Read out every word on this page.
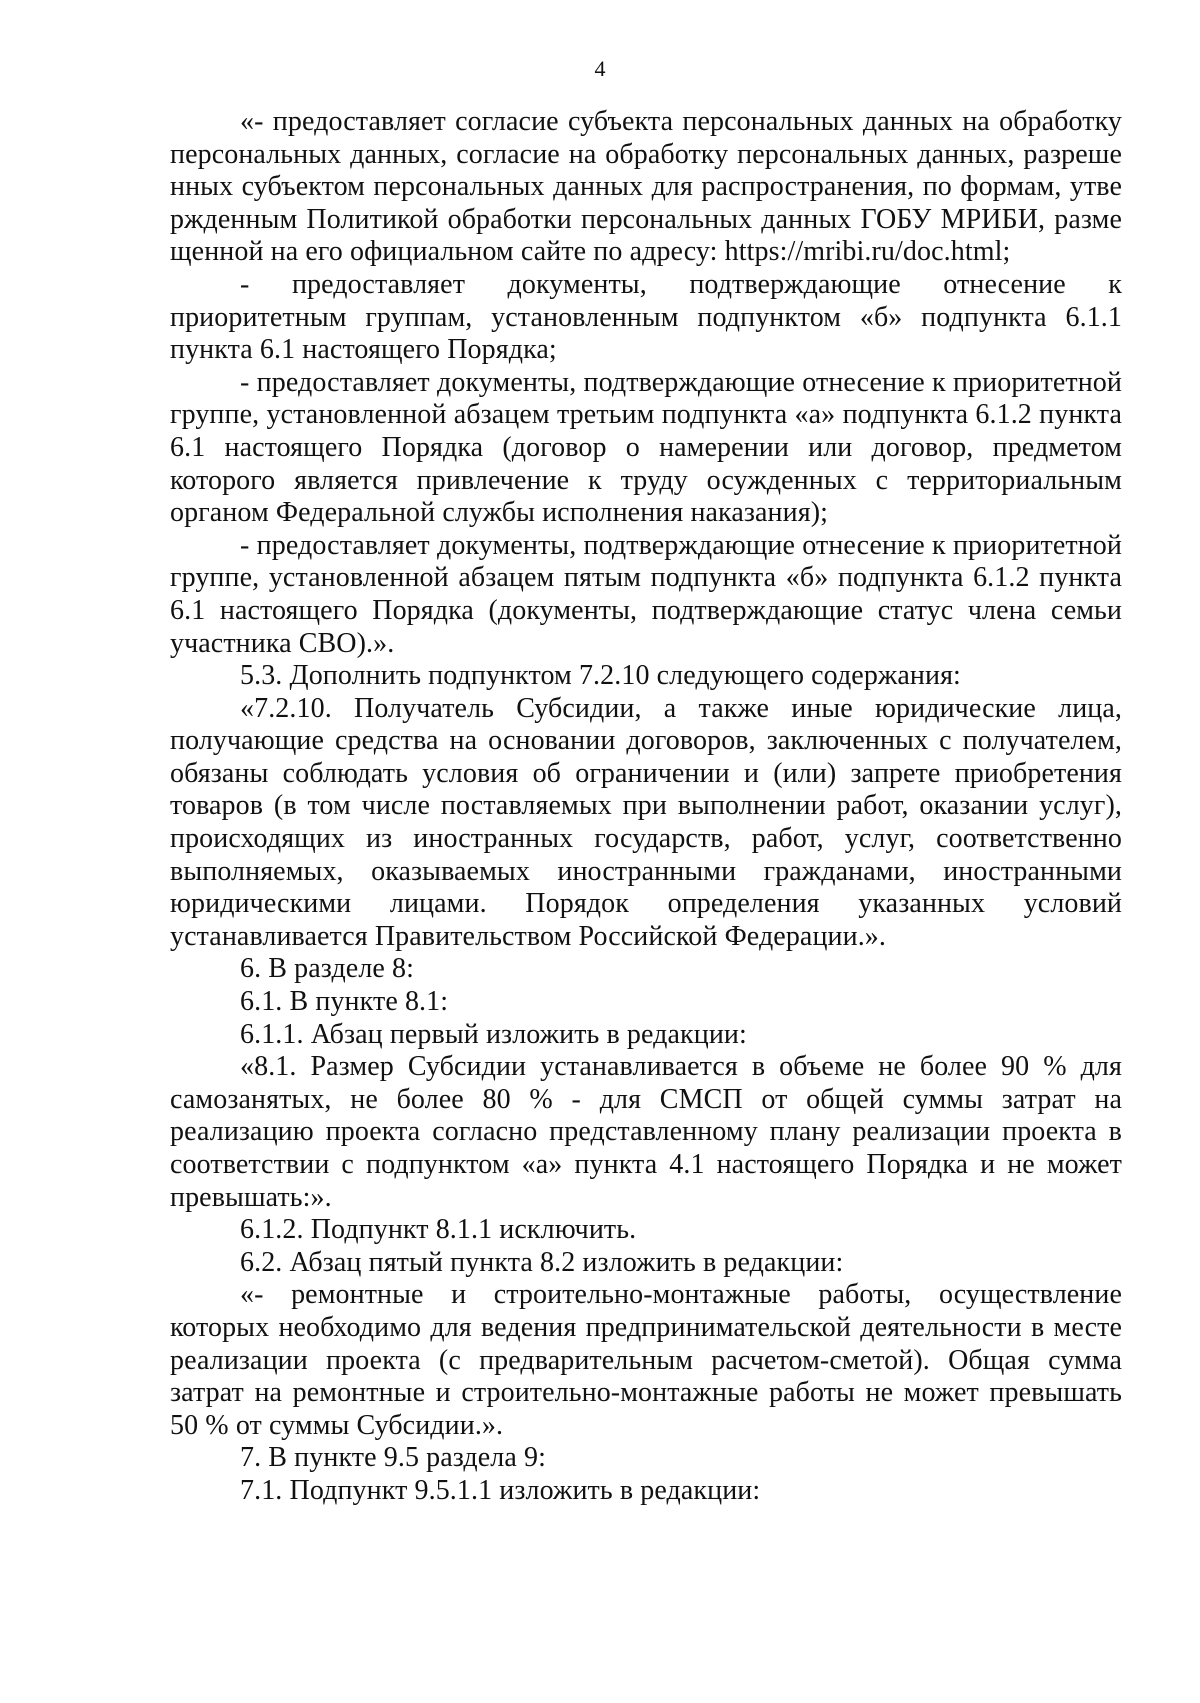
4

«- предоставляет согласие субъекта персональных данных на обработку персональных данных, согласие на обработку персональных данных, разрешенных субъектом персональных данных для распространения, по формам, утвержденным Политикой обработки персональных данных ГОБУ МРИБИ, размещенной на его официальном сайте по адресу: https://mribi.ru/doc.html;

- предоставляет документы, подтверждающие отнесение к приоритетным группам, установленным подпунктом «б» подпункта 6.1.1 пункта 6.1 настоящего Порядка;

- предоставляет документы, подтверждающие отнесение к приоритетной группе, установленной абзацем третьим подпункта «а» подпункта 6.1.2 пункта 6.1 настоящего Порядка (договор о намерении или договор, предметом которого является привлечение к труду осужденных с территориальным органом Федеральной службы исполнения наказания);

- предоставляет документы, подтверждающие отнесение к приоритетной группе, установленной абзацем пятым подпункта «б» подпункта 6.1.2 пункта 6.1 настоящего Порядка (документы, подтверждающие статус члена семьи участника СВО).».

5.3. Дополнить подпунктом 7.2.10 следующего содержания:

«7.2.10. Получатель Субсидии, а также иные юридические лица, получающие средства на основании договоров, заключенных с получателем, обязаны соблюдать условия об ограничении и (или) запрете приобретения товаров (в том числе поставляемых при выполнении работ, оказании услуг), происходящих из иностранных государств, работ, услуг, соответственно выполняемых, оказываемых иностранными гражданами, иностранными юридическими лицами. Порядок определения указанных условий устанавливается Правительством Российской Федерации.».

6. В разделе 8:

6.1. В пункте 8.1:

6.1.1. Абзац первый изложить в редакции:

«8.1. Размер Субсидии устанавливается в объеме не более 90 % для самозанятых, не более 80 % - для СМСП от общей суммы затрат на реализацию проекта согласно представленному плану реализации проекта в соответствии с подпунктом «а» пункта 4.1 настоящего Порядка и не может превышать:».

6.1.2. Подпункт 8.1.1 исключить.

6.2. Абзац пятый пункта 8.2 изложить в редакции:

«- ремонтные и строительно-монтажные работы, осуществление которых необходимо для ведения предпринимательской деятельности в месте реализации проекта (с предварительным расчетом-сметой). Общая сумма затрат на ремонтные и строительно-монтажные работы не может превышать 50 % от суммы Субсидии.».

7. В пункте 9.5 раздела 9:

7.1. Подпункт 9.5.1.1 изложить в редакции:
